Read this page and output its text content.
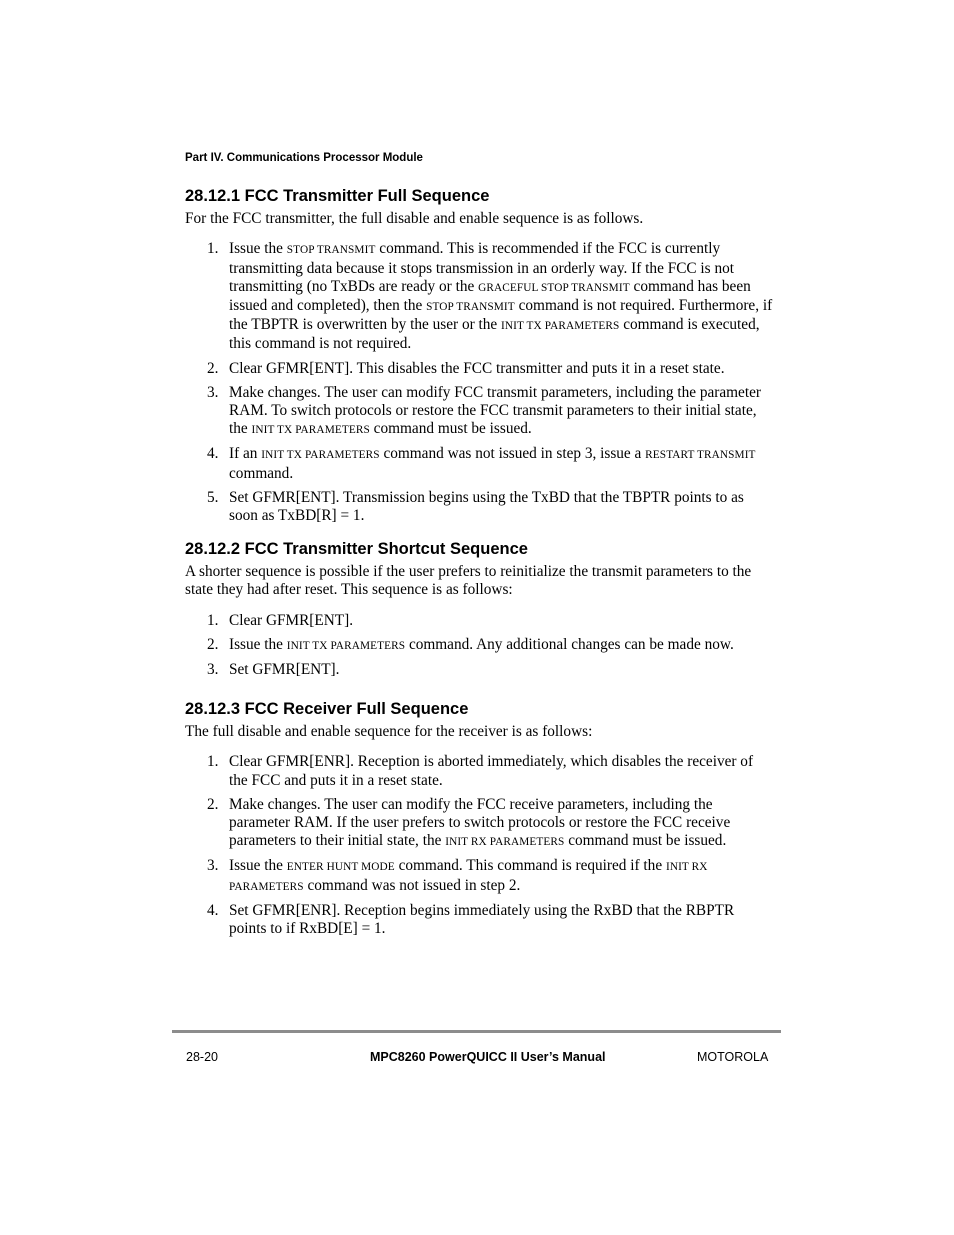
Part IV. Communications Processor Module
28.12.1 FCC Transmitter Full Sequence

For the FCC transmitter, the full disable and enable sequence is as follows.

1. Issue the STOP TRANSMIT command. This is recommended if the FCC is currently transmitting data because it stops transmission in an orderly way. If the FCC is not transmitting (no TxBDs are ready or the GRACEFUL STOP TRANSMIT command has been issued and completed), then the STOP TRANSMIT command is not required. Furthermore, if the TBPTR is overwritten by the user or the INIT TX PARAMETERS command is executed, this command is not required.
2. Clear GFMR[ENT]. This disables the FCC transmitter and puts it in a reset state.
3. Make changes. The user can modify FCC transmit parameters, including the parameter RAM. To switch protocols or restore the FCC transmit parameters to their initial state, the INIT TX PARAMETERS command must be issued.
4. If an INIT TX PARAMETERS command was not issued in step 3, issue a RESTART TRANSMIT command.
5. Set GFMR[ENT]. Transmission begins using the TxBD that the TBPTR points to as soon as TxBD[R] = 1.
28.12.2 FCC Transmitter Shortcut Sequence

A shorter sequence is possible if the user prefers to reinitialize the transmit parameters to the state they had after reset. This sequence is as follows:

1. Clear GFMR[ENT].
2. Issue the INIT TX PARAMETERS command. Any additional changes can be made now.
3. Set GFMR[ENT].
28.12.3 FCC Receiver Full Sequence

The full disable and enable sequence for the receiver is as follows:

1. Clear GFMR[ENR]. Reception is aborted immediately, which disables the receiver of the FCC and puts it in a reset state.
2. Make changes. The user can modify the FCC receive parameters, including the parameter RAM. If the user prefers to switch protocols or restore the FCC receive parameters to their initial state, the INIT RX PARAMETERS command must be issued.
3. Issue the ENTER HUNT MODE command. This command is required if the INIT RX PARAMETERS command was not issued in step 2.
4. Set GFMR[ENR]. Reception begins immediately using the RxBD that the RBPTR points to if RxBD[E] = 1.
28-20	MPC8260 PowerQUICC II User’s Manual	MOTOROLA
